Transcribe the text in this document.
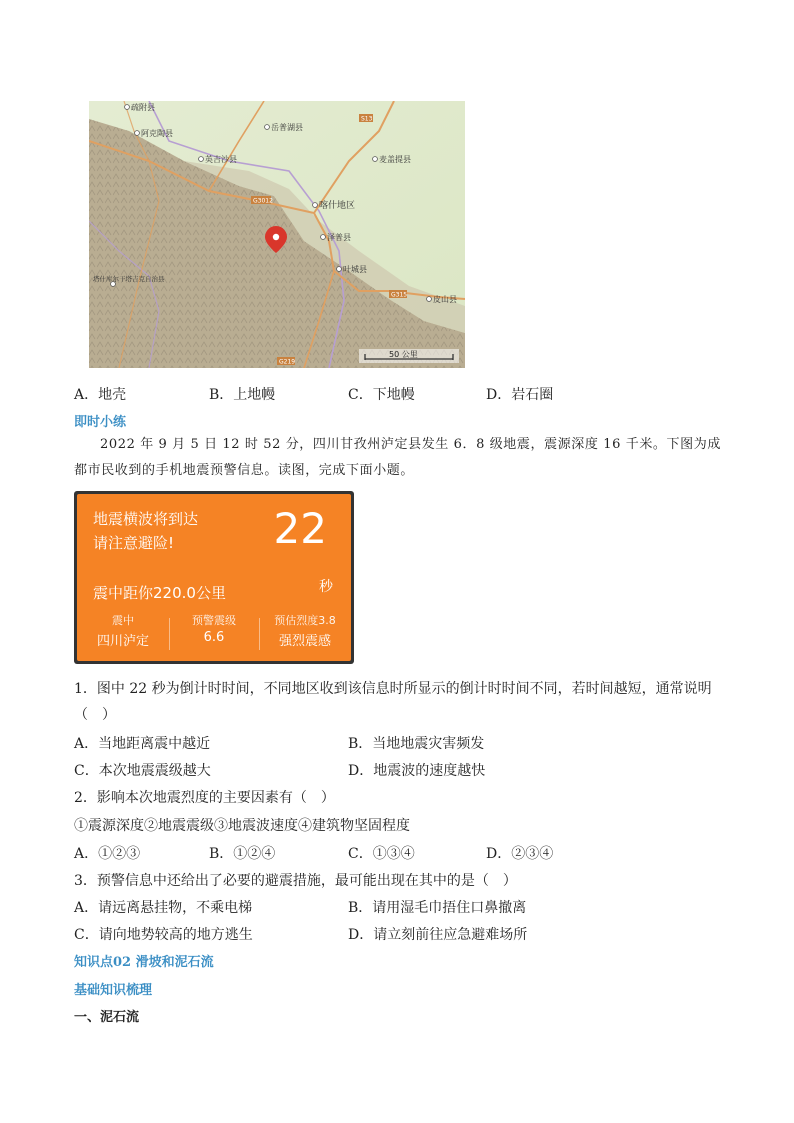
疏附县
阿克陶县
岳普湖县
英吉沙县	麦盖提县
喀什地区
泽普县
叶城县
皮山县
塔什库尔干塔吉克自治县
G3012
G315
G219
S13
50 公里
A．地壳	B．上地幔	C．下地幔	D．岩石圈
即时小练
2022 年 9 月 5 日 12 时 52 分，四川甘孜州泸定县发生 6．8 级地震，震源深度 16 千米。下图为成都市民收到的手机地震预警信息。读图，完成下面小题。
地震横波将到达
请注意避险! 22
震中距你220.0公里	秒
震中
四川泸定
预警震级
6.6
预估烈度3.8
强烈震感
1．图中 22 秒为倒计时时间，不同地区收到该信息时所显示的倒计时时间不同，若时间越短，通常说明
（　）
A．当地距离震中越近	B．当地地震灾害频发
C．本次地震震级越大	D．地震波的速度越快
2．影响本次地震烈度的主要因素有（　）
①震源深度②地震震级③地震波速度④建筑物坚固程度
A．①②③	B．①②④	C．①③④	D．②③④
3．预警信息中还给出了必要的避震措施，最可能出现在其中的是（　）
A．请远离悬挂物，不乘电梯	B．请用湿毛巾捂住口鼻撤离
C．请向地势较高的地方逃生	D．请立刻前往应急避难场所
知识点02 滑坡和泥石流
基础知识梳理
一、泥石流
